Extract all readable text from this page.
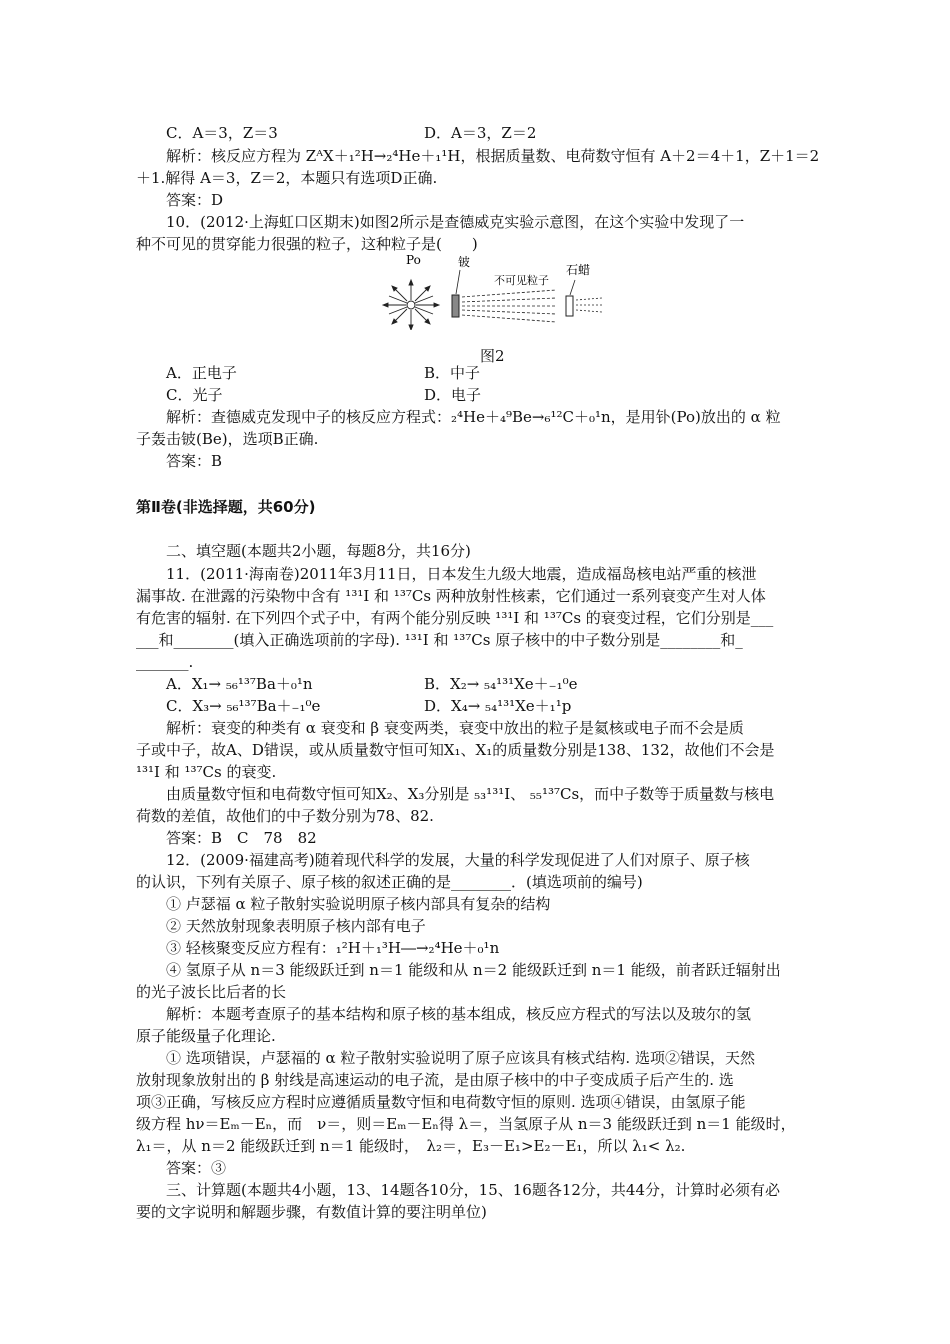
C．A＝3，Z＝3	D．A＝3，Z＝2
解析：核反应方程为 ZᴬX＋₁²H→₂⁴He＋₁¹H，根据质量数、电荷数守恒有 A＋2＝4＋1，Z＋1＝2
＋1.解得 A＝3，Z＝2，本题只有选项D正确.
答案：D
10．(2012·上海虹口区期末)如图2所示是查德威克实验示意图，在这个实验中发现了一
种不可见的贯穿能力很强的粒子，这种粒子是(　　)
Po	铍
不可见粒子
石蜡
图2
A．正电子	B．中子
C．光子	D．电子
解析：查德威克发现中子的核反应方程式：₂⁴He＋₄⁹Be→₆¹²C＋₀¹n，是用钋(Po)放出的 α 粒
子轰击铍(Be)，选项B正确.
答案：B
第Ⅱ卷(非选择题，共60分)
二、填空题(本题共2小题，每题8分，共16分)
11．(2011·海南卷)2011年3月11日，日本发生九级大地震，造成福岛核电站严重的核泄
漏事故. 在泄露的污染物中含有 ¹³¹I 和 ¹³⁷Cs 两种放射性核素，它们通过一系列衰变产生对人体
有危害的辐射. 在下列四个式子中，有两个能分别反映 ¹³¹I 和 ¹³⁷Cs 的衰变过程，它们分别是___
___和________(填入正确选项前的字母). ¹³¹I 和 ¹³⁷Cs 原子核中的中子数分别是________和_
_______.
A．X₁→ ₅₆¹³⁷Ba＋₀¹n	B．X₂→ ₅₄¹³¹Xe＋₋₁⁰e
C．X₃→ ₅₆¹³⁷Ba＋₋₁⁰e	D．X₄→ ₅₄¹³¹Xe＋₁¹p
解析：衰变的种类有 α 衰变和 β 衰变两类，衰变中放出的粒子是氦核或电子而不会是质
子或中子，故A、D错误，或从质量数守恒可知X₁、X₁的质量数分别是138、132，故他们不会是
¹³¹I 和 ¹³⁷Cs 的衰变.
由质量数守恒和电荷数守恒可知X₂、X₃分别是 ₅₃¹³¹I、 ₅₅¹³⁷Cs，而中子数等于质量数与核电
荷数的差值，故他们的中子数分别为78、82.
答案：B　C　78　82
12．(2009·福建高考)随着现代科学的发展，大量的科学发现促进了人们对原子、原子核
的认识，下列有关原子、原子核的叙述正确的是________．(填选项前的编号)
① 卢瑟福 α 粒子散射实验说明原子核内部具有复杂的结构
② 天然放射现象表明原子核内部有电子
③ 轻核聚变反应方程有：₁²H＋₁³H―→₂⁴He＋₀¹n
④ 氢原子从 n＝3 能级跃迁到 n＝1 能级和从 n＝2 能级跃迁到 n＝1 能级，前者跃迁辐射出
的光子波长比后者的长
解析：本题考查原子的基本结构和原子核的基本组成，核反应方程式的写法以及玻尔的氢
原子能级量子化理论.
① 选项错误，卢瑟福的 α 粒子散射实验说明了原子应该具有核式结构. 选项②错误，天然
放射现象放射出的 β 射线是高速运动的电子流，是由原子核中的中子变成质子后产生的. 选
项③正确，写核反应方程时应遵循质量数守恒和电荷数守恒的原则. 选项④错误，由氢原子能
级方程 hν＝Eₘ－Eₙ，而　ν＝，则＝Eₘ－Eₙ得 λ＝，当氢原子从 n＝3 能级跃迁到 n＝1 能级时，
λ₁＝，从 n＝2 能级跃迁到 n＝1 能级时，　λ₂＝，E₃－E₁>E₂－E₁，所以 λ₁< λ₂.
答案：③
三、计算题(本题共4小题，13、14题各10分，15、16题各12分，共44分，计算时必须有必
要的文字说明和解题步骤，有数值计算的要注明单位)
